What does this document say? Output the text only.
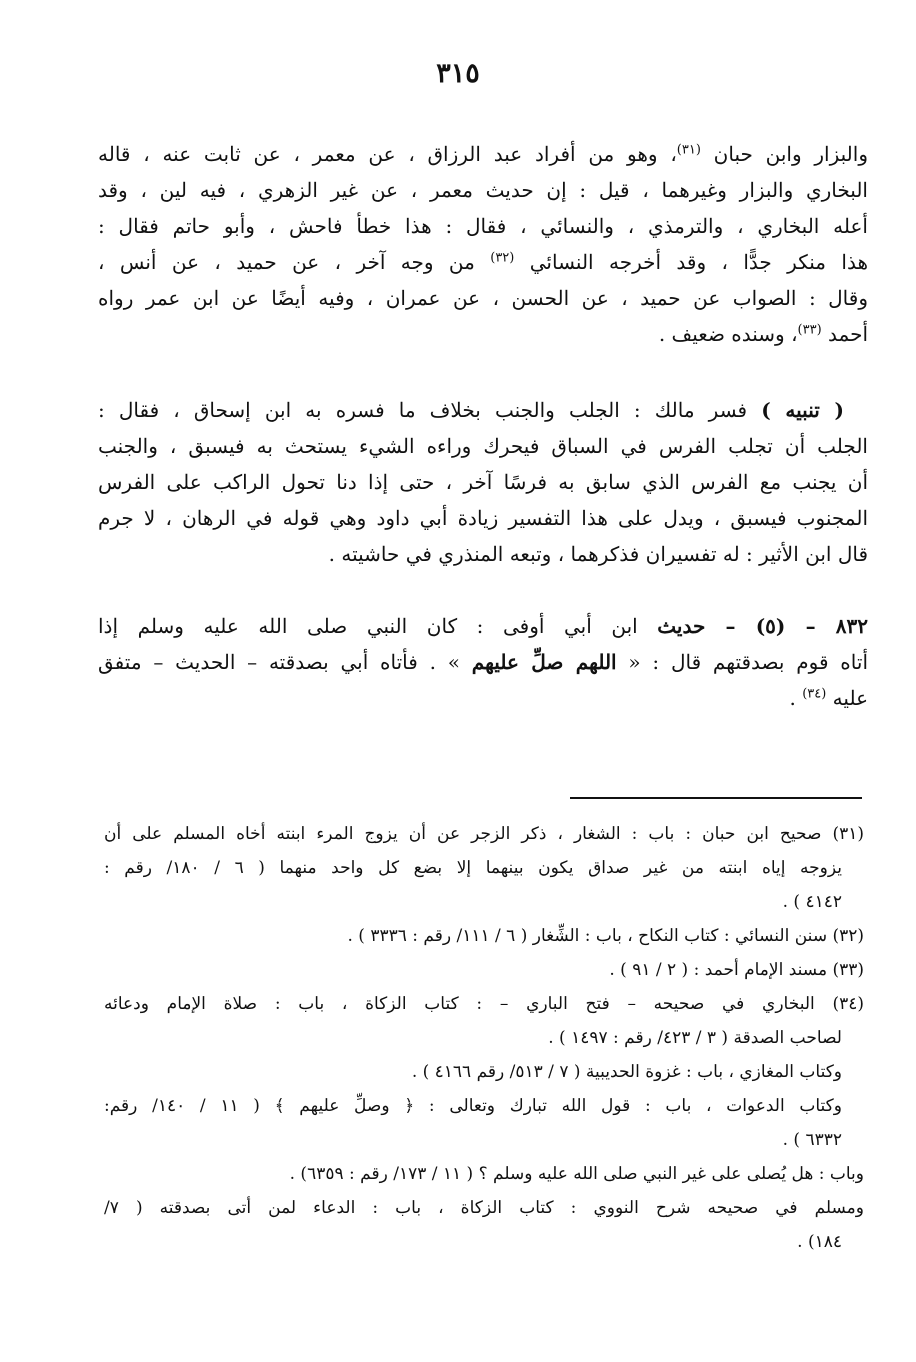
٣١٥
والبزار وابن حبان $^{(٣١)}$، وهو من أفراد عبد الرزاق ، عن معمر ، عن ثابت عنه ، قاله
البخاري والبزار وغيرهما ، قيل : إن حديث معمر ، عن غير الزهري ، فيه لين ، وقد
أعله البخاري ، والترمذي ، والنسائي ، فقال : هذا خطأ فاحش ، وأبو حاتم فقال :
هذا منكر جدًّا ، وقد أخرجه النسائي $^{(٣٢)}$ من وجه آخر ، عن حميد ، عن أنس ،
وقال : الصواب عن حميد ، عن الحسن ، عن عمران ، وفيه أيضًا عن ابن عمر رواه
أحمد $^{(٣٣)}$، وسنده ضعيف .
( تنبيه ) فسر مالك : الجلب والجنب بخلاف ما فسره به ابن إسحاق ، فقال :
الجلب أن تجلب الفرس في السباق فيحرك وراءه الشيء يستحث به فيسبق ، والجنب
أن يجنب مع الفرس الذي سابق به فرسًا آخر ، حتى إذا دنا تحول الراكب على الفرس
المجنوب فيسبق ، ويدل على هذا التفسير زيادة أبي داود وهي قوله في الرهان ، لا جرم
قال ابن الأثير : له تفسيران فذكرهما ، وتبعه المنذري في حاشيته .
٨٣٢ – (٥) – حديث ابن أبي أوفى : كان النبي صلى الله عليه وسلم إذا
أتاه قوم بصدقتهم قال : « اللهم صلِّ عليهم » . فأتاه أبي بصدقته – الحديث – متفق
عليه $^{(٣٤)}$ .
(٣١) صحيح ابن حبان : باب : الشغار ، ذكر الزجر عن أن يزوج المرء ابنته أخاه المسلم على أن
يزوجه إياه ابنته من غير صداق يكون بينهما إلا بضع كل واحد منهما ( ٦ / ١٨٠/ رقم :
٤١٤٢ ) .
(٣٢) سنن النسائي : كتاب النكاح ، باب : الشِّغار ( ٦ / ١١١/ رقم : ٣٣٣٦ ) .
(٣٣) مسند الإمام أحمد : ( ٢ / ٩١ ) .
(٣٤) البخاري في صحيحه – فتح الباري – : كتاب الزكاة ، باب : صلاة الإمام ودعائه
لصاحب الصدقة ( ٣ / ٤٢٣/ رقم : ١٤٩٧ ) .
وكتاب المغازي ، باب : غزوة الحديبية ( ٧ / ٥١٣/ رقم ٤١٦٦ ) .
وكتاب الدعوات ، باب : قول الله تبارك وتعالى : ﴿ وصلِّ عليهم ﴾ ( ١١ / ١٤٠/ رقم:
٦٣٣٢ ) .
وباب : هل يُصلى على غير النبي صلى الله عليه وسلم ؟ ( ١١ / ١٧٣/ رقم : ٦٣٥٩) .
ومسلم في صحيحه شرح النووي : كتاب الزكاة ، باب : الدعاء لمن أتى بصدقته ( ٧/
١٨٤) .
